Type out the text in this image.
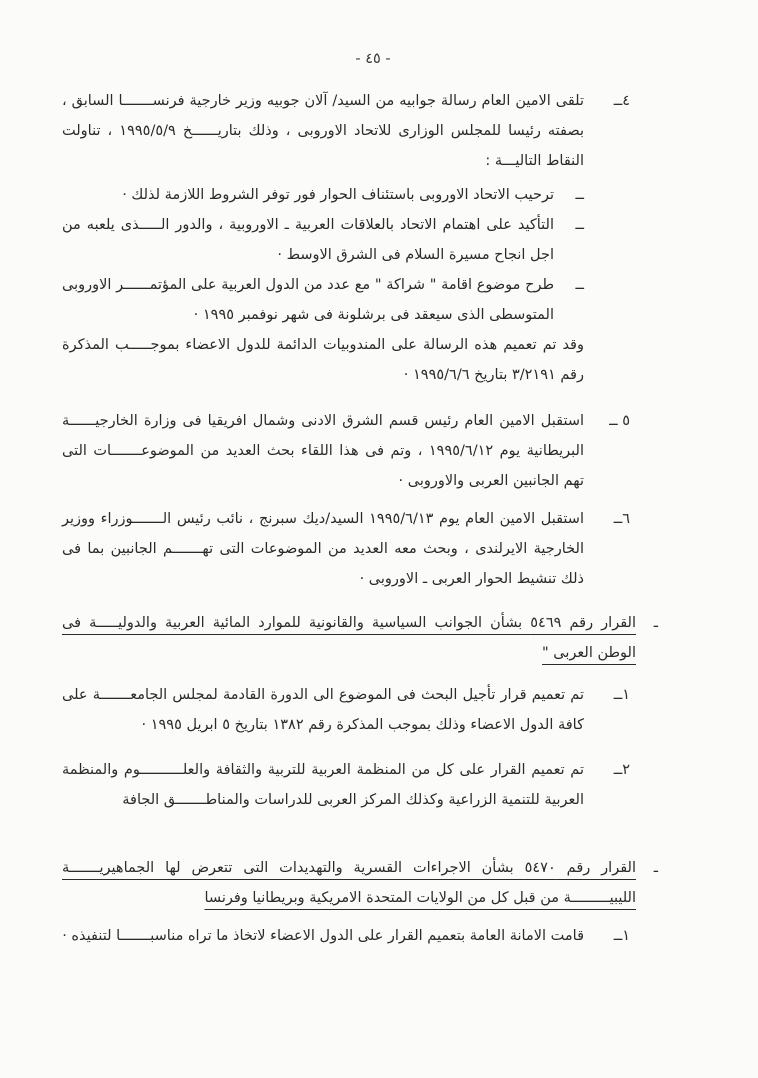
- ٤٥ -
٤ــ
تلقى الامين العام رسالة جوابيه من السيد/ آلان جوبيه وزير خارجية فرنســـــــا السابق ، بصفته رئيسا للمجلس الوزارى للاتحاد الاوروبى ، وذلك بتاريــــــخ ١٩٩٥/٥/٩ ، تناولت النقاط التاليـــة :
ــ
ترحيب الاتحاد الاوروبى باستئناف الحوار فور توفر الشروط اللازمة لذلك ·
ــ
التأكيد على اهتمام الاتحاد بالعلاقات العربية ـ الاوروبية ، والدور الـــــذى يلعبه من اجل انجاح مسيرة السلام فى الشرق الاوسط ·
ــ
طرح موضوع اقامة " شراكة " مع عدد من الدول العربية على المؤتمــــــر الاوروبى المتوسطى الذى سيعقد فى برشلونة فى شهر نوفمبر ١٩٩٥ ·
وقد تم تعميم هذه الرسالة على المندوبيات الدائمة للدول الاعضاء بموجـــــب المذكرة رقم ٣/٢١٩١ بتاريخ ١٩٩٥/٦/٦ ·
٥ ــ
استقبل الامين العام رئيس قسم الشرق الادنى وشمال افريقيا فى وزارة الخارجيــــــة البريطانية يوم ١٩٩٥/٦/١٢ ، وتم فى هذا اللقاء بحث العديد من الموضوعـــــــات التى تهم الجانبين العربى والاوروبى ·
٦ــ
استقبل الامين العام يوم ١٩٩٥/٦/١٣ السيد/ديك سبرنج ، نائب رئيس الـــــــوزراء ووزير الخارجية الايرلندى ، وبحث معه العديد من الموضوعات التى تهـــــــم الجانبين بما فى ذلك تنشيط الحوار العربى ـ الاوروبى ·
ـ
القرار رقم ٥٤٦٩ بشأن الجوانب السياسية والقانونية للموارد المائية العربية والدوليـــــة فى الوطن العربى "
١ــ
تم تعميم قرار تأجيل البحث فى الموضوع الى الدورة القادمة لمجلس الجامعـــــــة على كافة الدول الاعضاء وذلك بموجب المذكرة رقم ١٣٨٢ بتاريخ ٥ ابريل ١٩٩٥ ·
٢ــ
تم تعميم القرار على كل من المنظمة العربية للتربية والثقافة والعلــــــــــوم والمنظمة العربية للتنمية الزراعية وكذلك المركز العربى للدراسات والمناطـــــــق الجافة
ـ
القرار رقم ٥٤٧٠ بشأن الاجراءات القسرية والتهديدات التى تتعرض لها الجماهيريـــــــة الليبيـــــــــة من قبل كل من الولايات المتحدة الامريكية وبريطانيا وفرنسا
١ــ
قامت الامانة العامة بتعميم القرار على الدول الاعضاء لاتخاذ ما تراه مناسبـــــــا لتنفيذه ·
